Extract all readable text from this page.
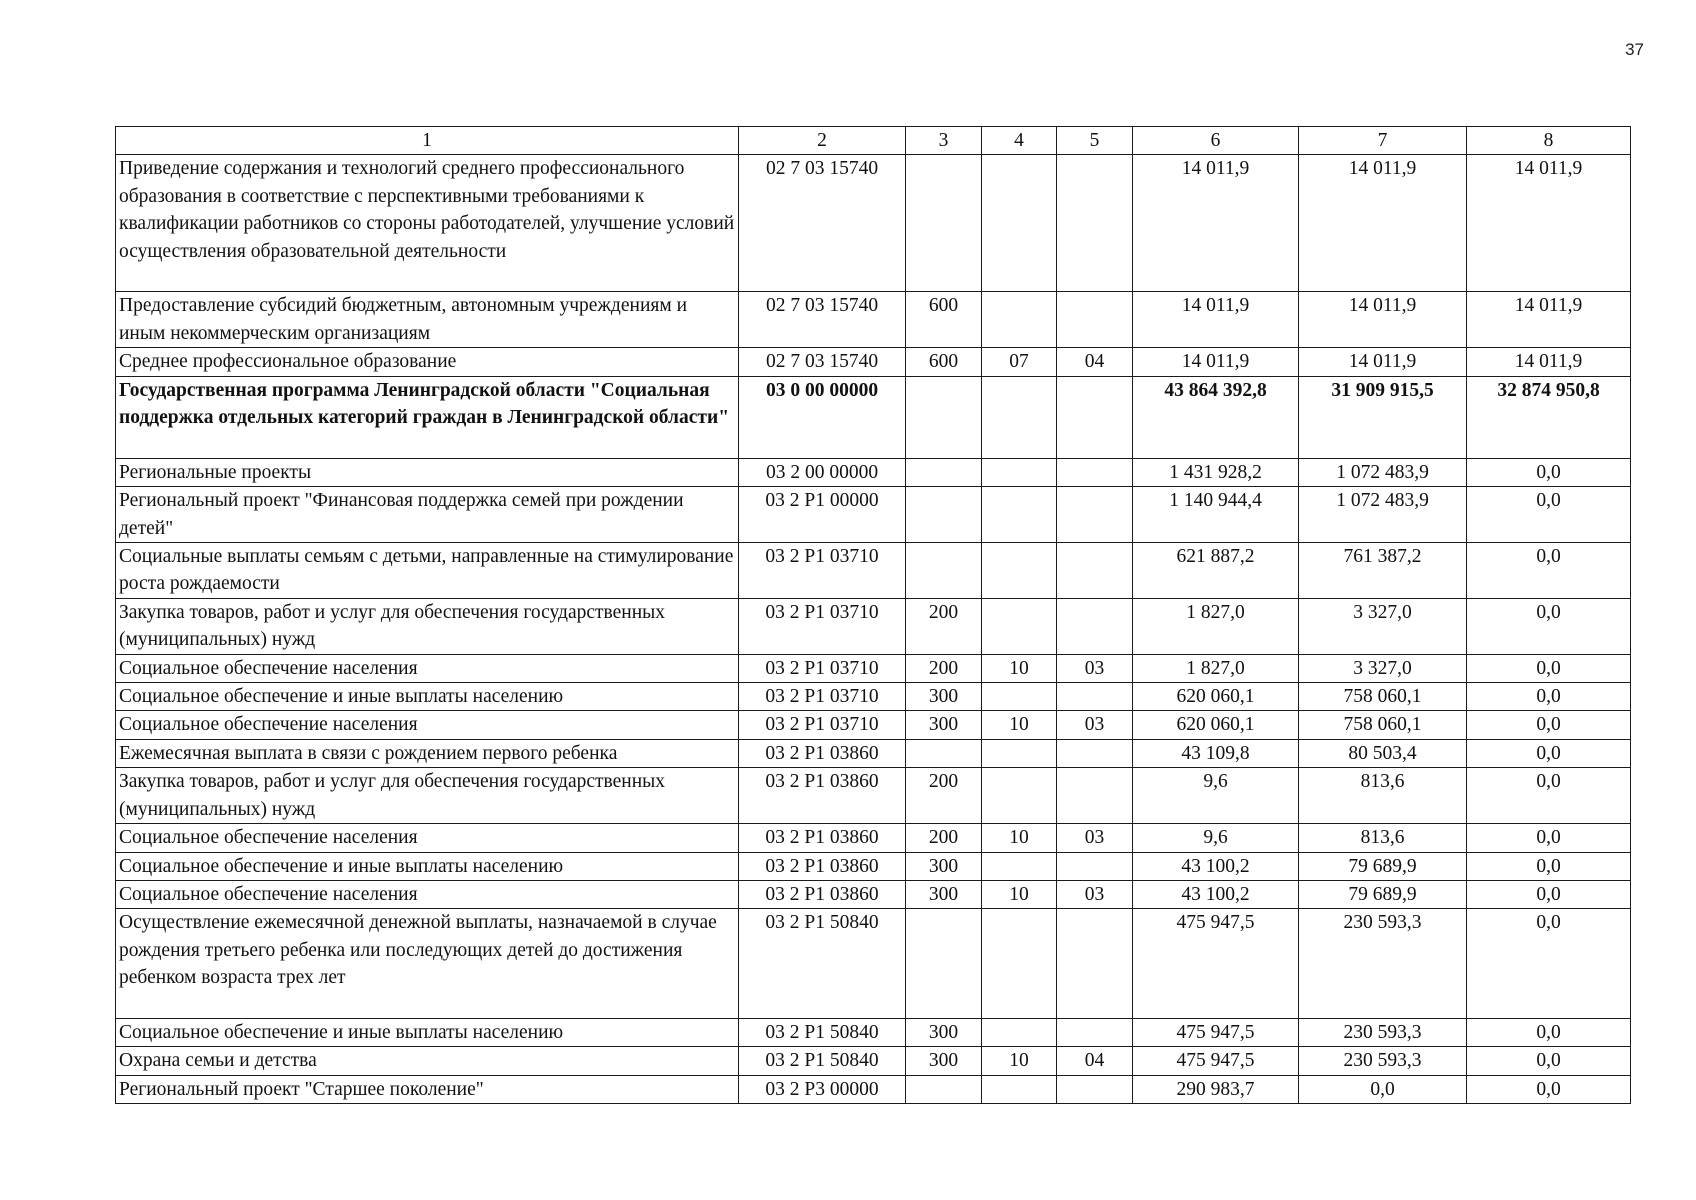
37
1	2	3	4	5	6	7	8
Приведение содержания и технологий среднего профессионального образования в соответствие с перспективными требованиями к квалификации работников со стороны работодателей, улучшение условий осуществления образовательной деятельности	02 7 03 15740				14 011,9	14 011,9	14 011,9
Предоставление субсидий бюджетным, автономным учреждениям и иным некоммерческим организациям	02 7 03 15740	600			14 011,9	14 011,9	14 011,9
Среднее профессиональное образование	02 7 03 15740	600	07	04	14 011,9	14 011,9	14 011,9
Государственная программа Ленинградской области "Социальная поддержка отдельных категорий граждан в Ленинградской области"	03 0 00 00000				43 864 392,8	31 909 915,5	32 874 950,8
Региональные проекты	03 2 00 00000				1 431 928,2	1 072 483,9	0,0
Региональный проект "Финансовая поддержка семей при рождении детей"	03 2 P1 00000				1 140 944,4	1 072 483,9	0,0
Социальные выплаты семьям с детьми, направленные на стимулирование роста рождаемости	03 2 P1 03710				621 887,2	761 387,2	0,0
Закупка товаров, работ и услуг для обеспечения государственных (муниципальных) нужд	03 2 P1 03710	200			1 827,0	3 327,0	0,0
Социальное обеспечение населения	03 2 P1 03710	200	10	03	1 827,0	3 327,0	0,0
Социальное обеспечение и иные выплаты населению	03 2 P1 03710	300			620 060,1	758 060,1	0,0
Социальное обеспечение населения	03 2 P1 03710	300	10	03	620 060,1	758 060,1	0,0
Ежемесячная выплата в связи с рождением первого ребенка	03 2 P1 03860				43 109,8	80 503,4	0,0
Закупка товаров, работ и услуг для обеспечения государственных (муниципальных) нужд	03 2 P1 03860	200			9,6	813,6	0,0
Социальное обеспечение населения	03 2 P1 03860	200	10	03	9,6	813,6	0,0
Социальное обеспечение и иные выплаты населению	03 2 P1 03860	300			43 100,2	79 689,9	0,0
Социальное обеспечение населения	03 2 P1 03860	300	10	03	43 100,2	79 689,9	0,0
Осуществление ежемесячной денежной выплаты, назначаемой в случае рождения третьего ребенка или последующих детей до достижения ребенком возраста трех лет	03 2 P1 50840				475 947,5	230 593,3	0,0
Социальное обеспечение и иные выплаты населению	03 2 P1 50840	300			475 947,5	230 593,3	0,0
Охрана семьи и детства	03 2 P1 50840	300	10	04	475 947,5	230 593,3	0,0
Региональный проект "Старшее поколение"	03 2 P3 00000				290 983,7	0,0	0,0
